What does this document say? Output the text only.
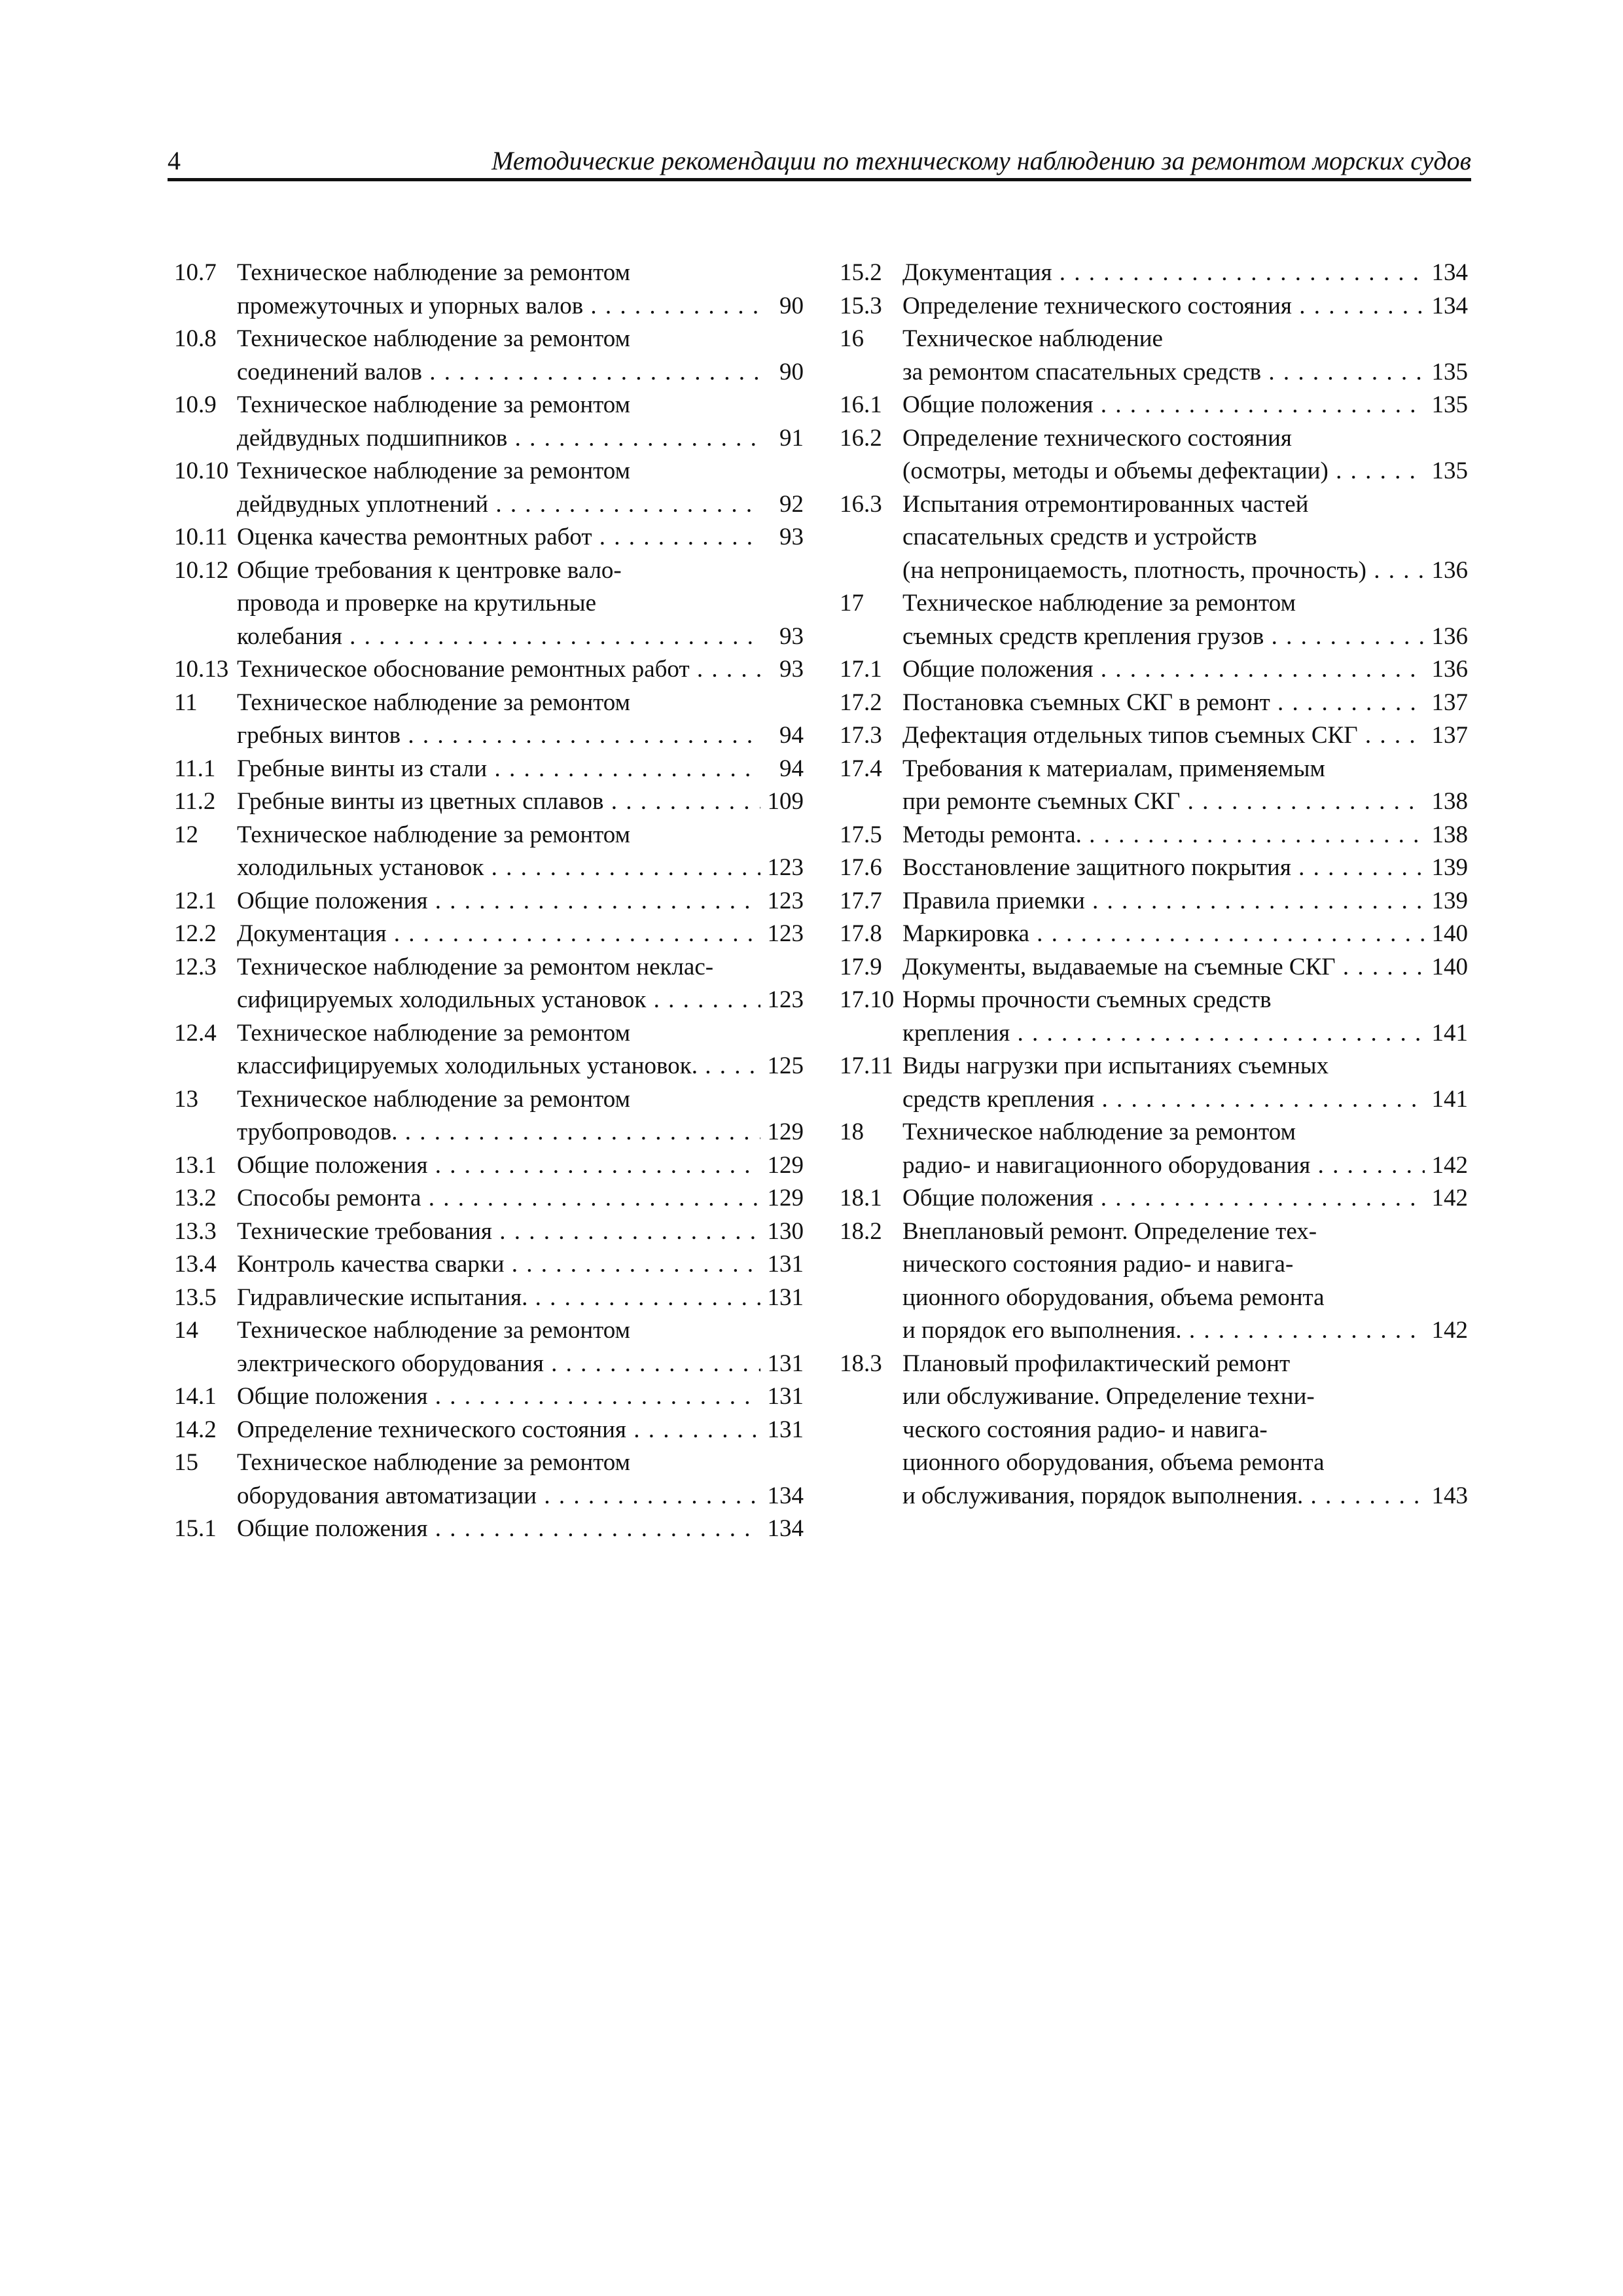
4	Методические рекомендации по техническому наблюдению за ремонтом морских судов
10.7 Техническое наблюдение за ремонтом
промежуточных и упорных валов . . .	90
10.8 Техническое наблюдение за ремонтом
соединений валов . . .	90
10.9 Техническое наблюдение за ремонтом
дейдвудных подшипников . . .	91
10.10 Техническое наблюдение за ремонтом
дейдвудных уплотнений . . .	92
10.11 Оценка качества ремонтных работ . . .	93
10.12 Общие требования к центровке вало-
провода и проверке на крутильные
колебания . . .	93
10.13 Техническое обоснование ремонтных работ . . .	93
11	Техническое наблюдение за ремонтом
гребных винтов . . .	94
11.1 Гребные винты из стали . . .	94
11.2 Гребные винты из цветных сплавов . . .	109
12	Техническое наблюдение за ремонтом
холодильных установок . . .	123
12.1 Общие положения . . .	123
12.2 Документация . . .	123
12.3 Техническое наблюдение за ремонтом неклас-
сифицируемых холодильных установок . . .	123
12.4 Техническое наблюдение за ремонтом
классифицируемых холодильных установок. . . .	125
13	Техническое наблюдение за ремонтом
трубопроводов. . . .	129
13.1 Общие положения . . .	129
13.2 Способы ремонта . . .	129
13.3 Технические требования . . .	130
13.4 Контроль качества сварки . . .	131
13.5 Гидравлические испытания. . . .	131
14	Техническое наблюдение за ремонтом
электрического оборудования . . .	131
14.1 Общие положения . . .	131
14.2 Определение технического состояния . . .	131
15	Техническое наблюдение за ремонтом
оборудования автоматизации . . .	134
15.1 Общие положения . . .	134
15.2 Документация . . .	134
15.3 Определение технического состояния . . .	134
16	Техническое наблюдение
за ремонтом спасательных средств . . .	135
16.1 Общие положения . . .	135
16.2 Определение технического состояния
(осмотры, методы и объемы дефектации) . . .	135
16.3 Испытания отремонтированных частей
спасательных средств и устройств
(на непроницаемость, плотность, прочность) . . .	136
17	Техническое наблюдение за ремонтом
съемных средств крепления грузов . . .	136
17.1 Общие положения . . .	136
17.2 Постановка съемных СКГ в ремонт . . .	137
17.3 Дефектация отдельных типов съемных СКГ . . .	137
17.4 Требования к материалам, применяемым
при ремонте съемных СКГ . . .	138
17.5 Методы ремонта. . . .	138
17.6 Восстановление защитного покрытия . . .	139
17.7 Правила приемки . . .	139
17.8 Маркировка . . .	140
17.9 Документы, выдаваемые на съемные СКГ . . .	140
17.10 Нормы прочности съемных средств
крепления . . .	141
17.11 Виды нагрузки при испытаниях съемных
средств крепления . . .	141
18	Техническое наблюдение за ремонтом
радио- и навигационного оборудования . . .	142
18.1 Общие положения . . .	142
18.2 Внеплановый ремонт. Определение тех-
нического состояния радио- и навига-
ционного оборудования, объема ремонта
и порядок его выполнения. . . .	142
18.3 Плановый профилактический ремонт
или обслуживание. Определение техни-
ческого состояния радио- и навига-
ционного оборудования, объема ремонта
и обслуживания, порядок выполнения. . . .	143
